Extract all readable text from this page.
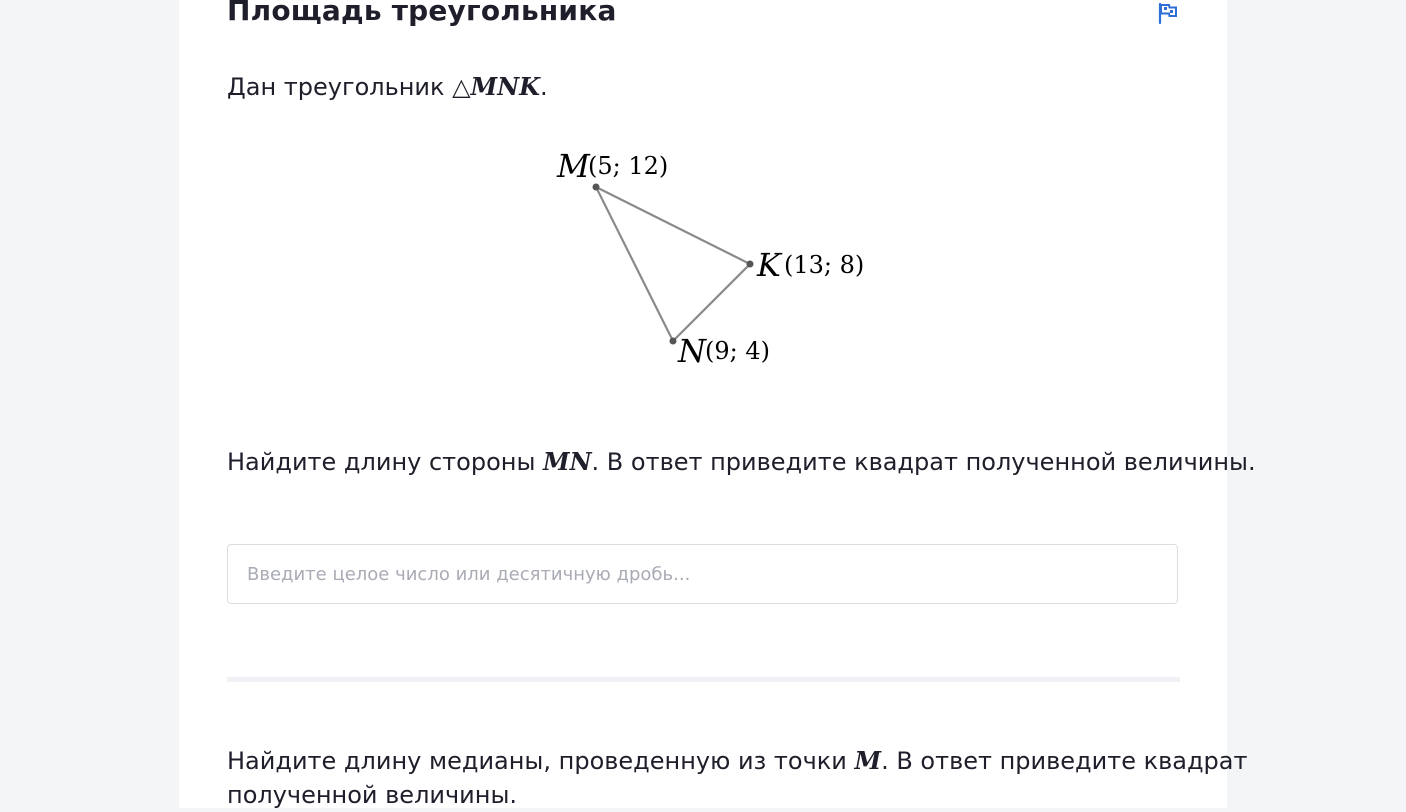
Площадь треугольника
Дан треугольник △MNK.
M
(5; 12)
K (13; 8)
N (9; 4)
Найдите длину стороны MN. В ответ приведите квадрат полученной величины.
Введите целое число или десятичную дробь...
Найдите длину медианы, проведенную из точки M. В ответ приведите квадрат
полученной величины.
